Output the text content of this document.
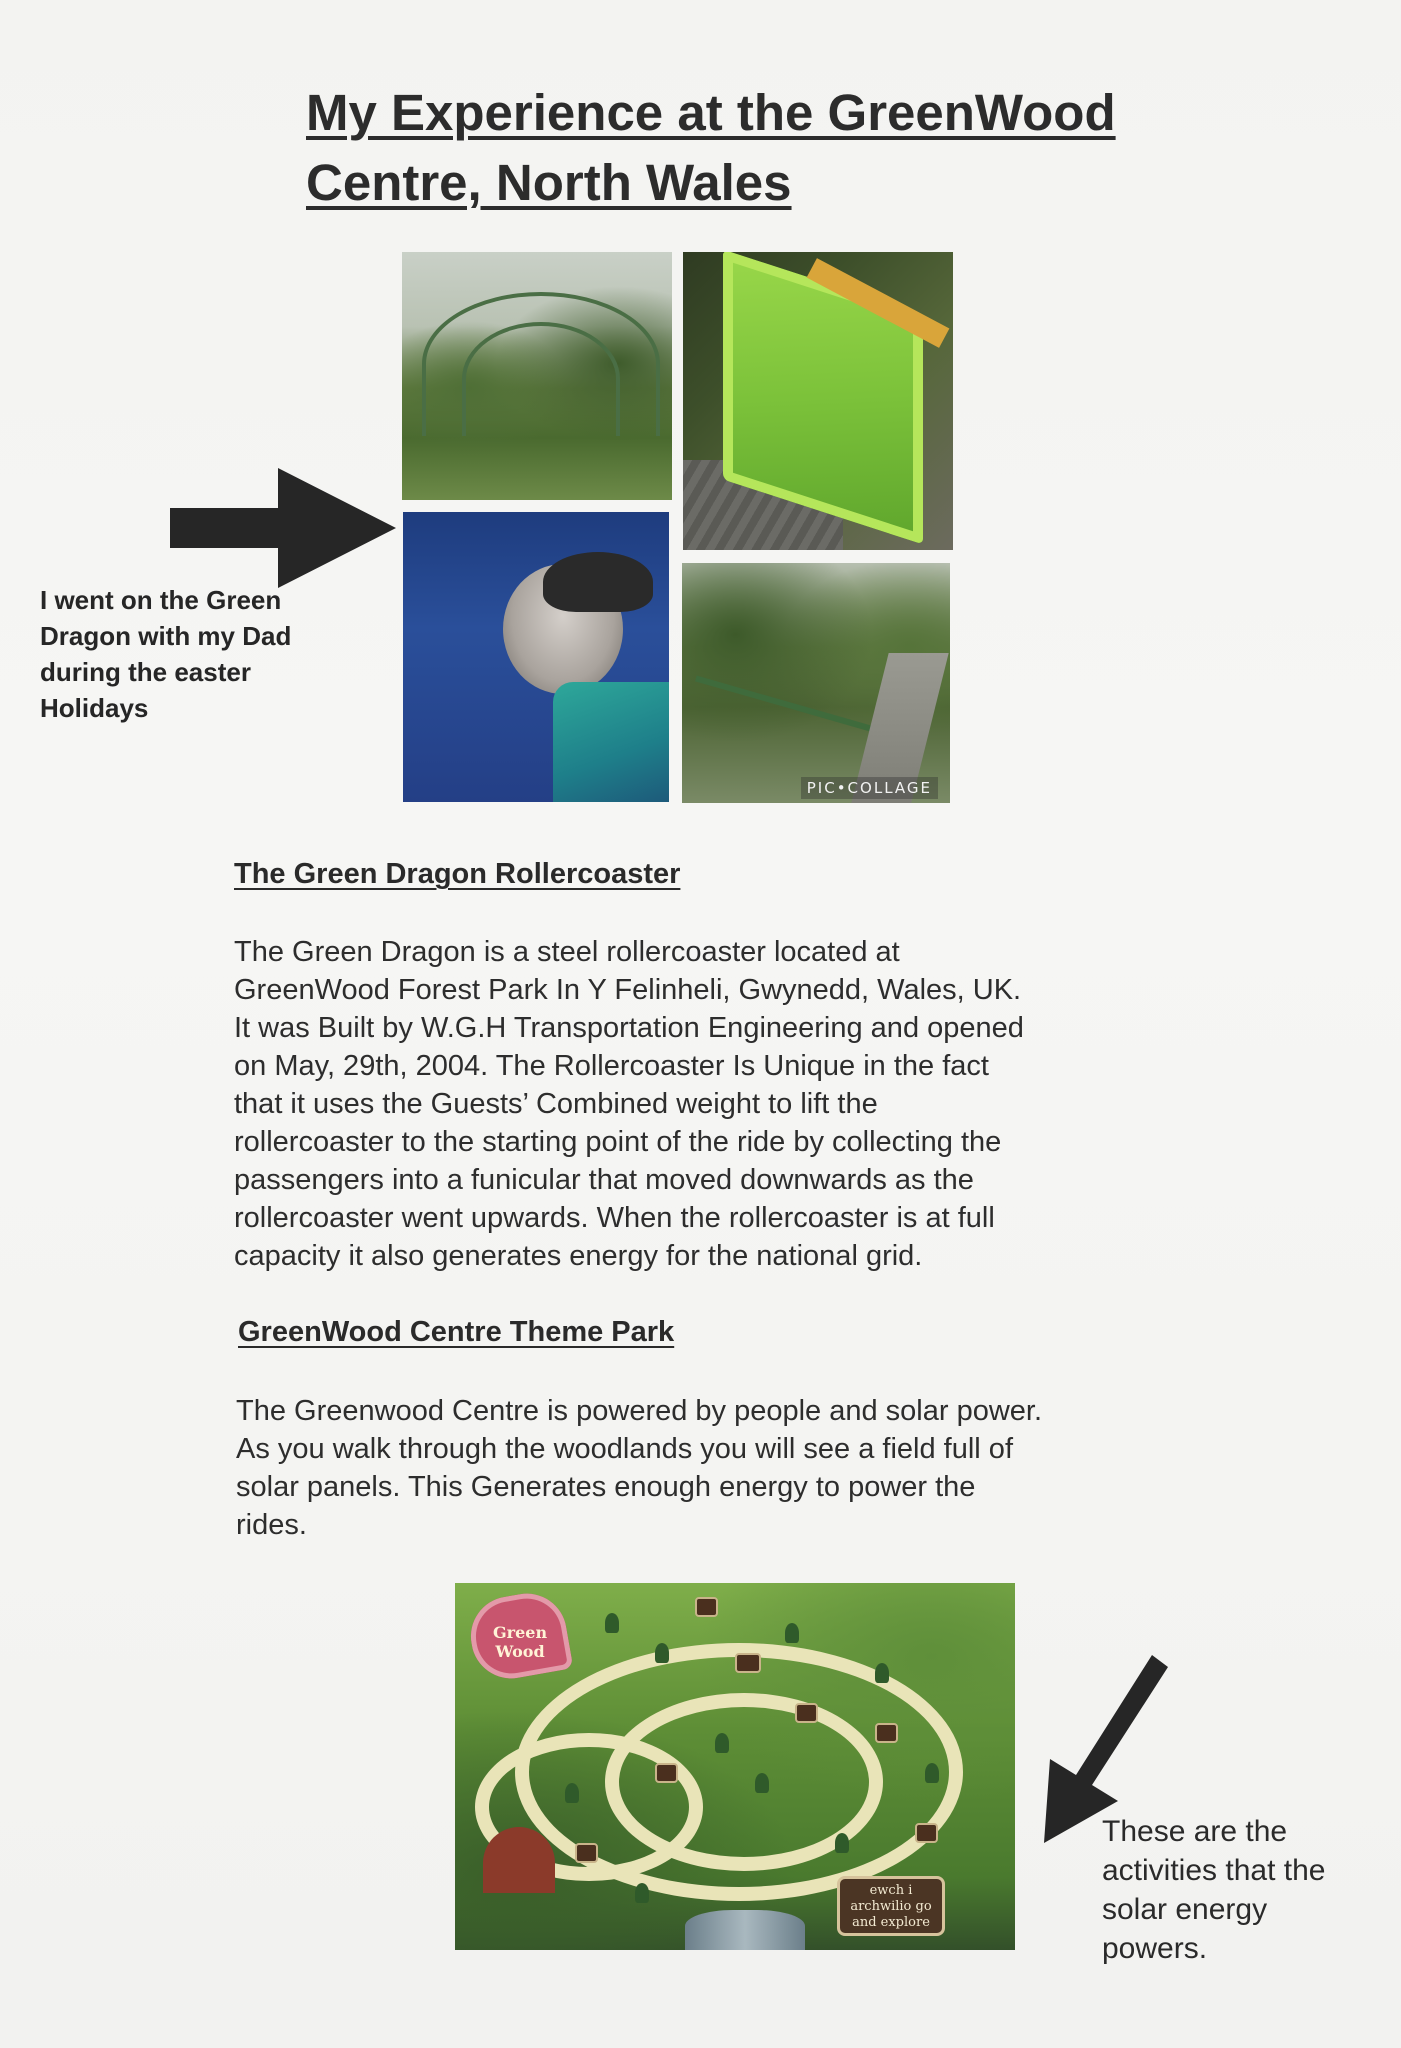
My Experience at the GreenWood
Centre, North Wales
PIC•COLLAGE
I went on the Green
Dragon with my Dad
during the easter
Holidays
The Green Dragon Rollercoaster
The Green Dragon is a steel rollercoaster located at
GreenWood Forest Park In Y Felinheli, Gwynedd, Wales, UK.
It was Built by W.G.H Transportation Engineering and opened
on May, 29th, 2004. The Rollercoaster Is Unique in the fact
that it uses the Guests’ Combined weight to lift the
rollercoaster to the starting point of the ride by collecting the
passengers into a funicular that moved downwards as the
rollercoaster went upwards. When the rollercoaster is at full
capacity it also generates energy for the national grid.
GreenWood Centre Theme Park
The Greenwood Centre is powered by people and solar power.
As you walk through the woodlands you will see a field full of
solar panels. This Generates enough energy to power the
rides.
Green Wood

ewch i archwilio go and explore
These are the
activities that the
solar energy
powers.
